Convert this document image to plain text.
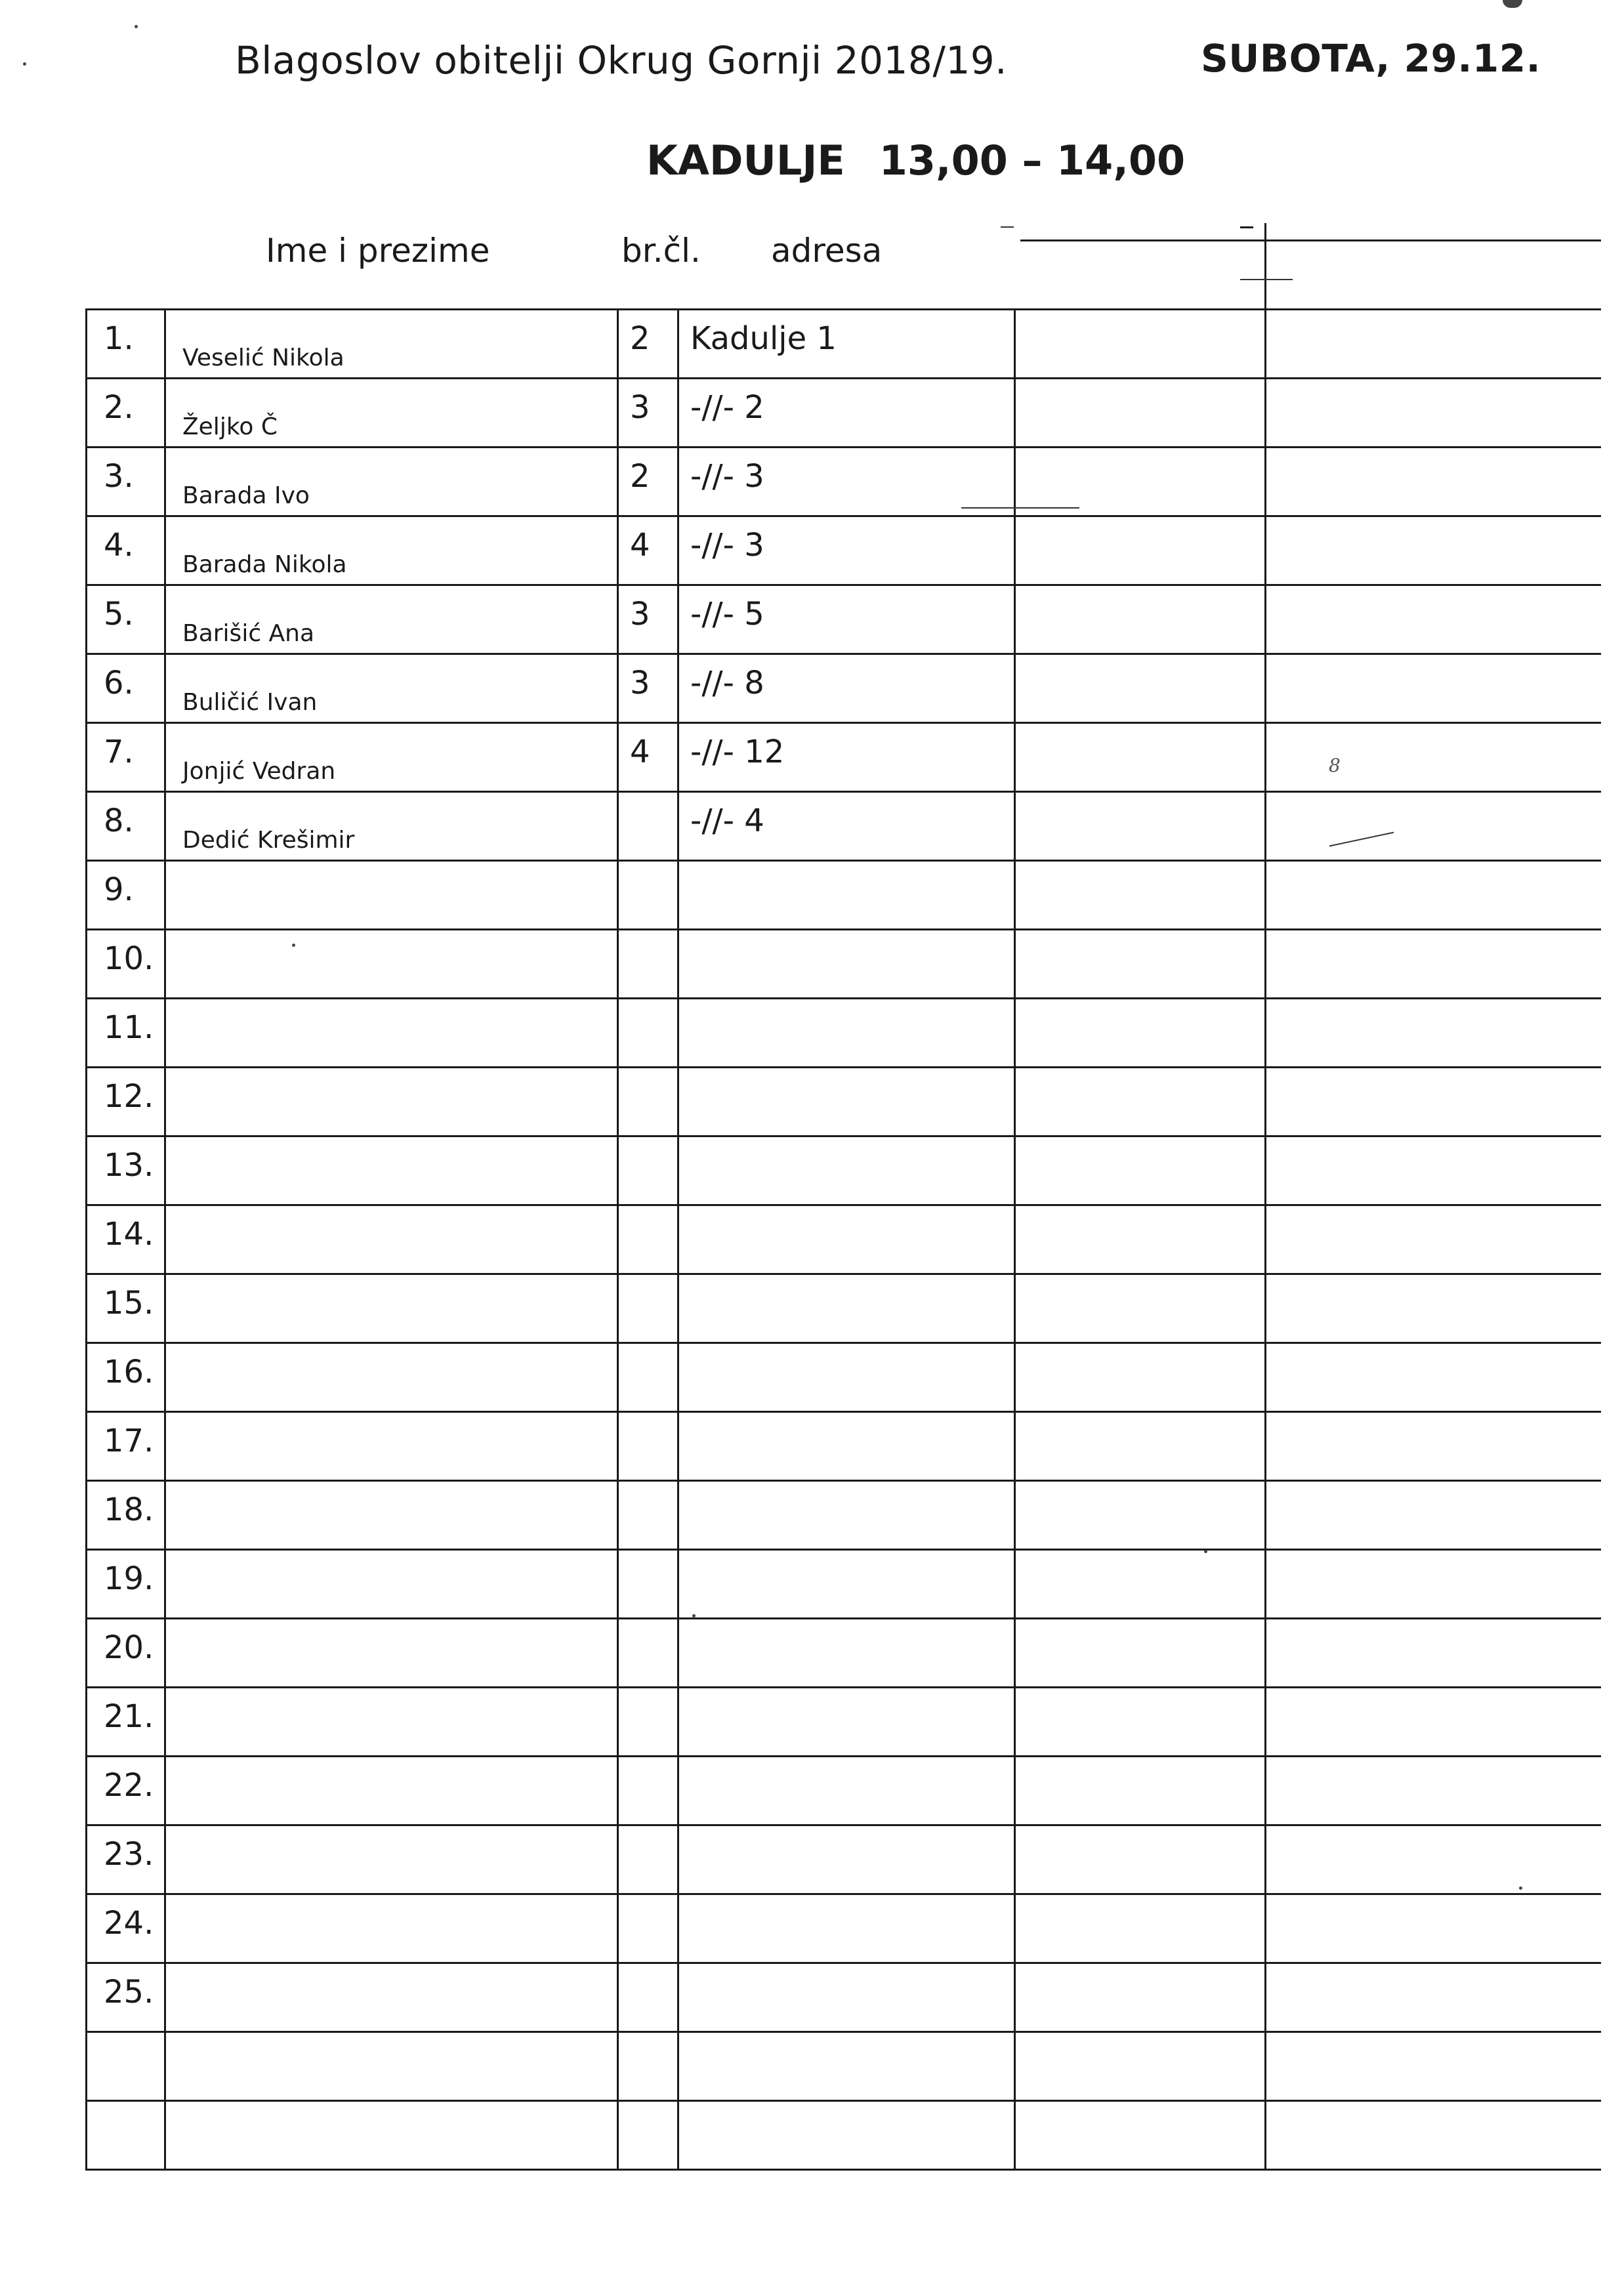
Blagoslov obitelji Okrug Gornji 2018/19.	SUBOTA, 29.12.
KADULJE 13,00 – 14,00
Ime i prezime	br.čl. adresa
1.
Veselić Nikola
2 Kadulje 1
2.
Željko Č
3 -//- 2
3.
Barada Ivo
2 -//- 3
4.
Barada Nikola
4 -//- 3
5.
Barišić Ana
3 -//- 5
6.
Buličić Ivan
3 -//- 8
7.
Jonjić Vedran
4 -//- 12
8.
Dedić Krešimir
-//- 4
9.
10.
11.
12.
13.
14.
15.
16.
17.
18.
19.
20.
21.
22.
23.
24.
25.
8
